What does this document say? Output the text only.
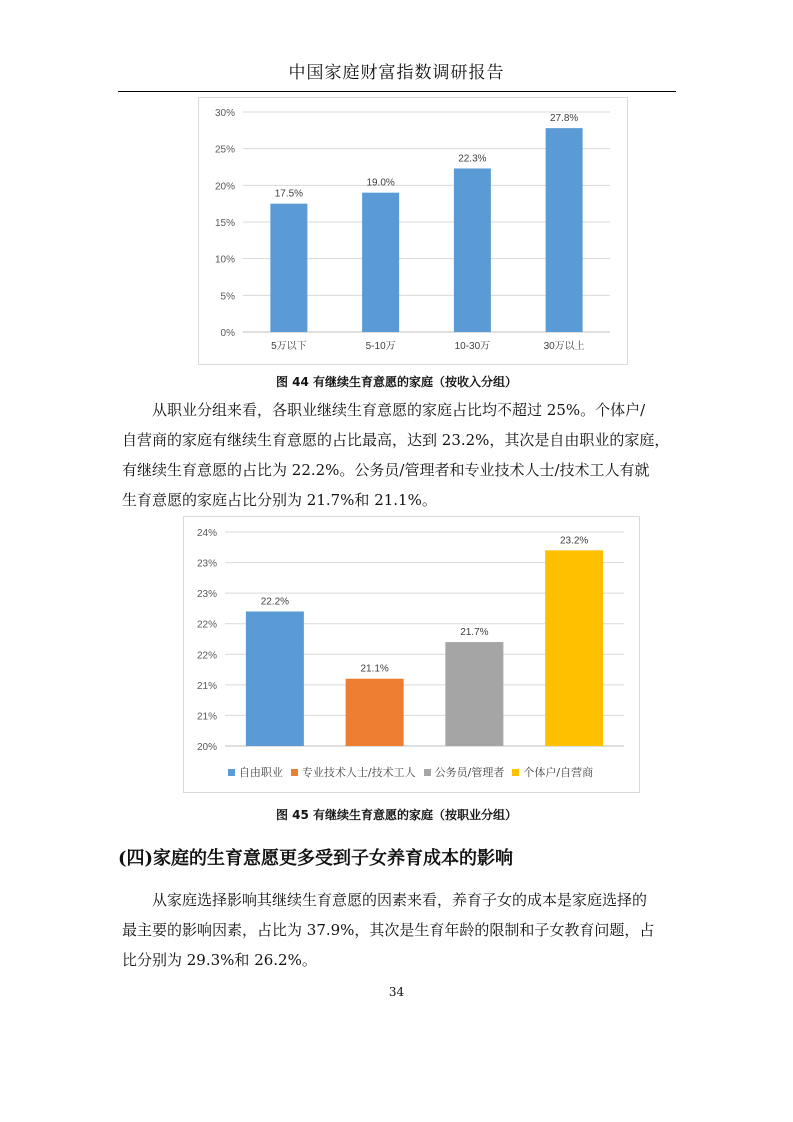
中国家庭财富指数调研报告
0%
5%
10%
15%
20%
25%
30%
17.5%
5万以下
19.0%
5-10万
22.3%
10-30万
27.8%
30万以上
图 44 有继续生育意愿的家庭（按收入分组）

从职业分组来看，各职业继续生育意愿的家庭占比均不超过 25%。个体户/
自营商的家庭有继续生育意愿的占比最高，达到 23.2%，其次是自由职业的家庭，
有继续生育意愿的占比为 22.2%。公务员/管理者和专业技术人士/技术工人有就
生育意愿的家庭占比分别为 21.7%和 21.1%。

20%
21%
21%
22%
22%
23%
23%
24%
22.2%
21.1%
21.7%
23.2%
自由职业 专业技术人士/技术工人 公务员/管理者 个体户/自营商
图 45 有继续生育意愿的家庭（按职业分组）
(四)家庭的生育意愿更多受到子女养育成本的影响

从家庭选择影响其继续生育意愿的因素来看，养育子女的成本是家庭选择的
最主要的影响因素，占比为 37.9%，其次是生育年龄的限制和子女教育问题，占
比分别为 29.3%和 26.2%。

34
